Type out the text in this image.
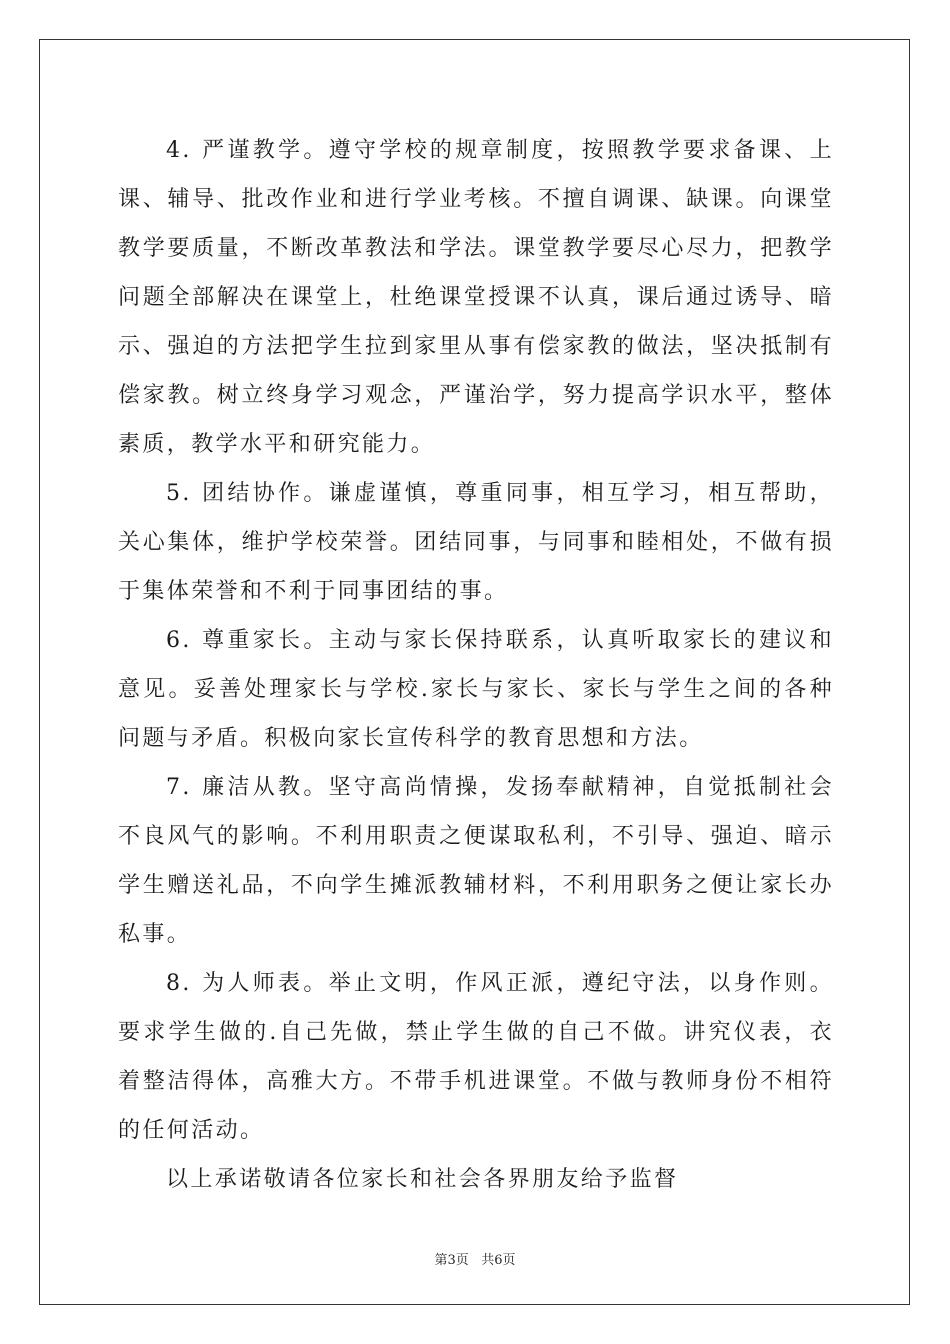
4. 严谨教学。遵守学校的规章制度，按照教学要求备课、上课、辅导、批改作业和进行学业考核。不擅自调课、缺课。向课堂教学要质量，不断改革教法和学法。课堂教学要尽心尽力，把教学问题全部解决在课堂上，杜绝课堂授课不认真，课后通过诱导、暗示、强迫的方法把学生拉到家里从事有偿家教的做法，坚决抵制有偿家教。树立终身学习观念，严谨治学，努力提高学识水平，整体素质，教学水平和研究能力。

5. 团结协作。谦虚谨慎，尊重同事，相互学习，相互帮助，关心集体，维护学校荣誉。团结同事，与同事和睦相处，不做有损于集体荣誉和不利于同事团结的事。

6. 尊重家长。主动与家长保持联系，认真听取家长的建议和意见。妥善处理家长与学校.家长与家长、家长与学生之间的各种问题与矛盾。积极向家长宣传科学的教育思想和方法。

7. 廉洁从教。坚守高尚情操，发扬奉献精神，自觉抵制社会不良风气的影响。不利用职责之便谋取私利，不引导、强迫、暗示学生赠送礼品，不向学生摊派教辅材料，不利用职务之便让家长办私事。

8. 为人师表。举止文明，作风正派，遵纪守法，以身作则。要求学生做的.自己先做，禁止学生做的自己不做。讲究仪表，衣着整洁得体，高雅大方。不带手机进课堂。不做与教师身份不相符的任何活动。

以上承诺敬请各位家长和社会各界朋友给予监督

第3页 共6页
